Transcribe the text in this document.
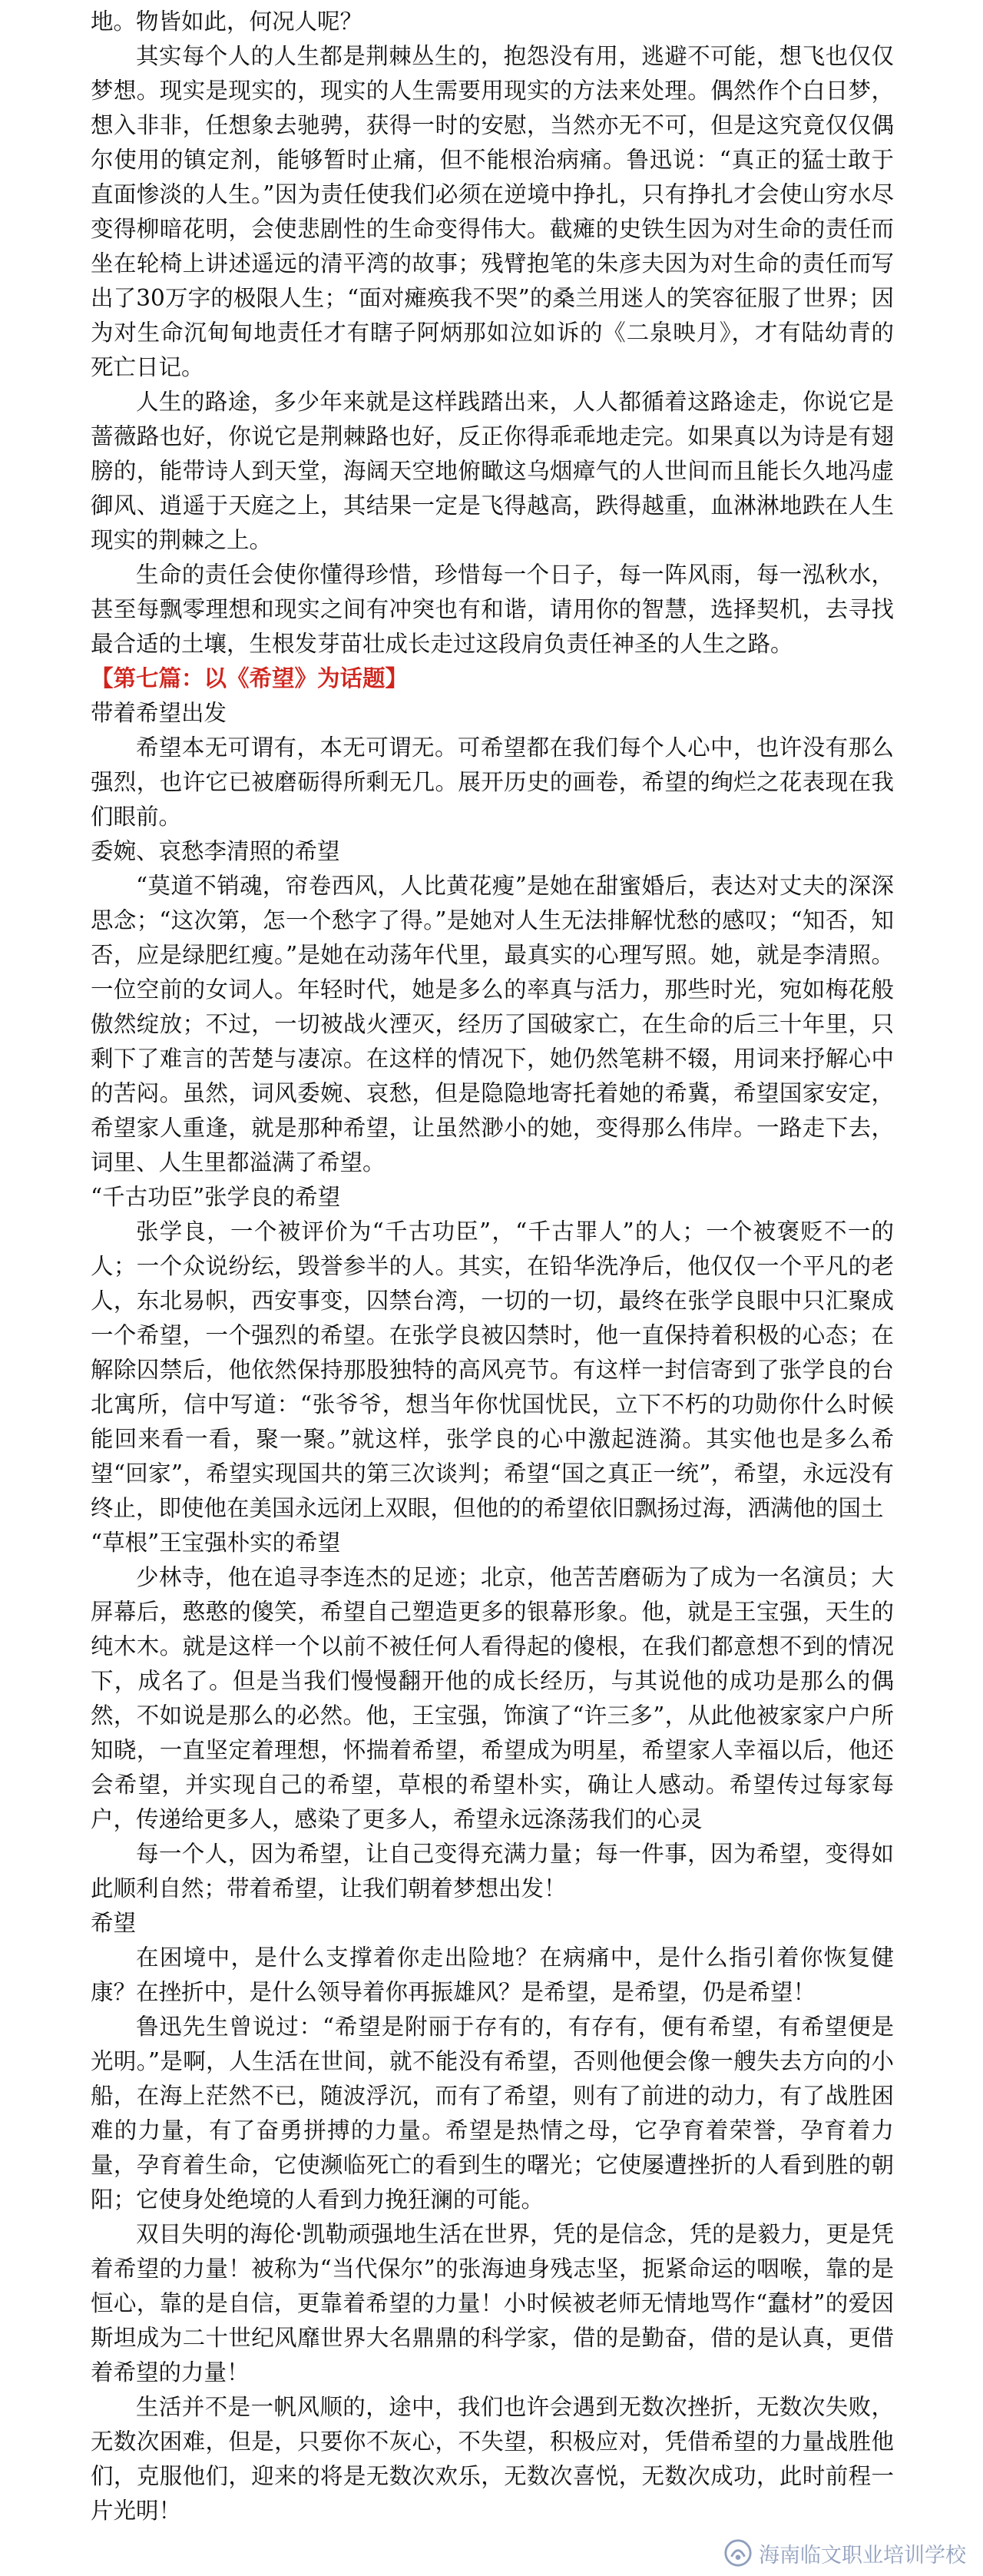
地。物皆如此，何况人呢？

其实每个人的人生都是荆棘丛生的，抱怨没有用，逃避不可能，想飞也仅仅梦想。现实是现实的，现实的人生需要用现实的方法来处理。偶然作个白日梦，想入非非，任想象去驰骋，获得一时的安慰，当然亦无不可，但是这究竟仅仅偶尔使用的镇定剂，能够暂时止痛，但不能根治病痛。鲁迅说：“真正的猛士敢于直面惨淡的人生。”因为责任使我们必须在逆境中挣扎，只有挣扎才会使山穷水尽变得柳暗花明，会使悲剧性的生命变得伟大。截瘫的史铁生因为对生命的责任而坐在轮椅上讲述遥远的清平湾的故事；残臂抱笔的朱彦夫因为对生命的责任而写出了30万字的极限人生；“面对瘫痪我不哭”的桑兰用迷人的笑容征服了世界；因为对生命沉甸甸地责任才有瞎子阿炳那如泣如诉的《二泉映月》，才有陆幼青的死亡日记。

人生的路途，多少年来就是这样践踏出来，人人都循着这路途走，你说它是蔷薇路也好，你说它是荆棘路也好，反正你得乖乖地走完。如果真以为诗是有翅膀的，能带诗人到天堂，海阔天空地俯瞰这乌烟瘴气的人世间而且能长久地冯虚御风、逍遥于天庭之上，其结果一定是飞得越高，跌得越重，血淋淋地跌在人生现实的荆棘之上。

生命的责任会使你懂得珍惜，珍惜每一个日子，每一阵风雨，每一泓秋水，甚至每飘零理想和现实之间有冲突也有和谐，请用你的智慧，选择契机，去寻找最合适的土壤，生根发芽苗壮成长走过这段肩负责任神圣的人生之路。

【第七篇：以《希望》为话题】

带着希望出发

希望本无可谓有，本无可谓无。可希望都在我们每个人心中，也许没有那么强烈，也许它已被磨砺得所剩无几。展开历史的画卷，希望的绚烂之花表现在我们眼前。

委婉、哀愁李清照的希望

“莫道不销魂，帘卷西风，人比黄花瘦”是她在甜蜜婚后，表达对丈夫的深深思念；“这次第，怎一个愁字了得。”是她对人生无法排解忧愁的感叹；“知否，知否，应是绿肥红瘦。”是她在动荡年代里，最真实的心理写照。她，就是李清照。一位空前的女词人。年轻时代，她是多么的率真与活力，那些时光，宛如梅花般傲然绽放；不过，一切被战火湮灭，经历了国破家亡，在生命的后三十年里，只剩下了难言的苦楚与凄凉。在这样的情况下，她仍然笔耕不辍，用词来抒解心中的苦闷。虽然，词风委婉、哀愁，但是隐隐地寄托着她的希冀，希望国家安定，希望家人重逢，就是那种希望，让虽然渺小的她，变得那么伟岸。一路走下去，词里、人生里都溢满了希望。

“千古功臣”张学良的希望

张学良，一个被评价为“千古功臣”，“千古罪人”的人；一个被褒贬不一的人；一个众说纷纭，毁誉参半的人。其实，在铅华洗净后，他仅仅一个平凡的老人，东北易帜，西安事变，囚禁台湾，一切的一切，最终在张学良眼中只汇聚成一个希望，一个强烈的希望。在张学良被囚禁时，他一直保持着积极的心态；在解除囚禁后，他依然保持那股独特的高风亮节。有这样一封信寄到了张学良的台北寓所，信中写道：“张爷爷，想当年你忧国忧民，立下不朽的功勋你什么时候能回来看一看，聚一聚。”就这样，张学良的心中激起涟漪。其实他也是多么希望“回家”，希望实现国共的第三次谈判；希望“国之真正一统”，希望，永远没有终止，即使他在美国永远闭上双眼，但他的的希望依旧飘扬过海，洒满他的国土

“草根”王宝强朴实的希望

少林寺，他在追寻李连杰的足迹；北京，他苦苦磨砺为了成为一名演员；大屏幕后，憨憨的傻笑，希望自己塑造更多的银幕形象。他，就是王宝强，天生的纯木木。就是这样一个以前不被任何人看得起的傻根，在我们都意想不到的情况下，成名了。但是当我们慢慢翻开他的成长经历，与其说他的成功是那么的偶然，不如说是那么的必然。他，王宝强，饰演了“许三多”，从此他被家家户户所知晓，一直坚定着理想，怀揣着希望，希望成为明星，希望家人幸福以后，他还会希望，并实现自己的希望，草根的希望朴实，确让人感动。希望传过每家每户，传递给更多人，感染了更多人，希望永远涤荡我们的心灵

每一个人，因为希望，让自己变得充满力量；每一件事，因为希望，变得如此顺利自然；带着希望，让我们朝着梦想出发！

希望

在困境中，是什么支撑着你走出险地？在病痛中，是什么指引着你恢复健康？在挫折中，是什么领导着你再振雄风？是希望，是希望，仍是希望！

鲁迅先生曾说过：“希望是附丽于存有的，有存有，便有希望，有希望便是光明。”是啊，人生活在世间，就不能没有希望，否则他便会像一艘失去方向的小船，在海上茫然不已，随波浮沉，而有了希望，则有了前进的动力，有了战胜困难的力量，有了奋勇拼搏的力量。希望是热情之母，它孕育着荣誉，孕育着力量，孕育着生命，它使濒临死亡的看到生的曙光；它使屡遭挫折的人看到胜的朝阳；它使身处绝境的人看到力挽狂澜的可能。

双目失明的海伦·凯勒顽强地生活在世界，凭的是信念，凭的是毅力，更是凭着希望的力量！被称为“当代保尔”的张海迪身残志坚，扼紧命运的咽喉，靠的是恒心，靠的是自信，更靠着希望的力量！小时候被老师无情地骂作“蠢材”的爱因斯坦成为二十世纪风靡世界大名鼎鼎的科学家，借的是勤奋，借的是认真，更借着希望的力量！

生活并不是一帆风顺的，途中，我们也许会遇到无数次挫折，无数次失败，无数次困难，但是，只要你不灰心，不失望，积极应对，凭借希望的力量战胜他们，克服他们，迎来的将是无数次欢乐，无数次喜悦，无数次成功，此时前程一片光明！

海南临文职业培训学校
